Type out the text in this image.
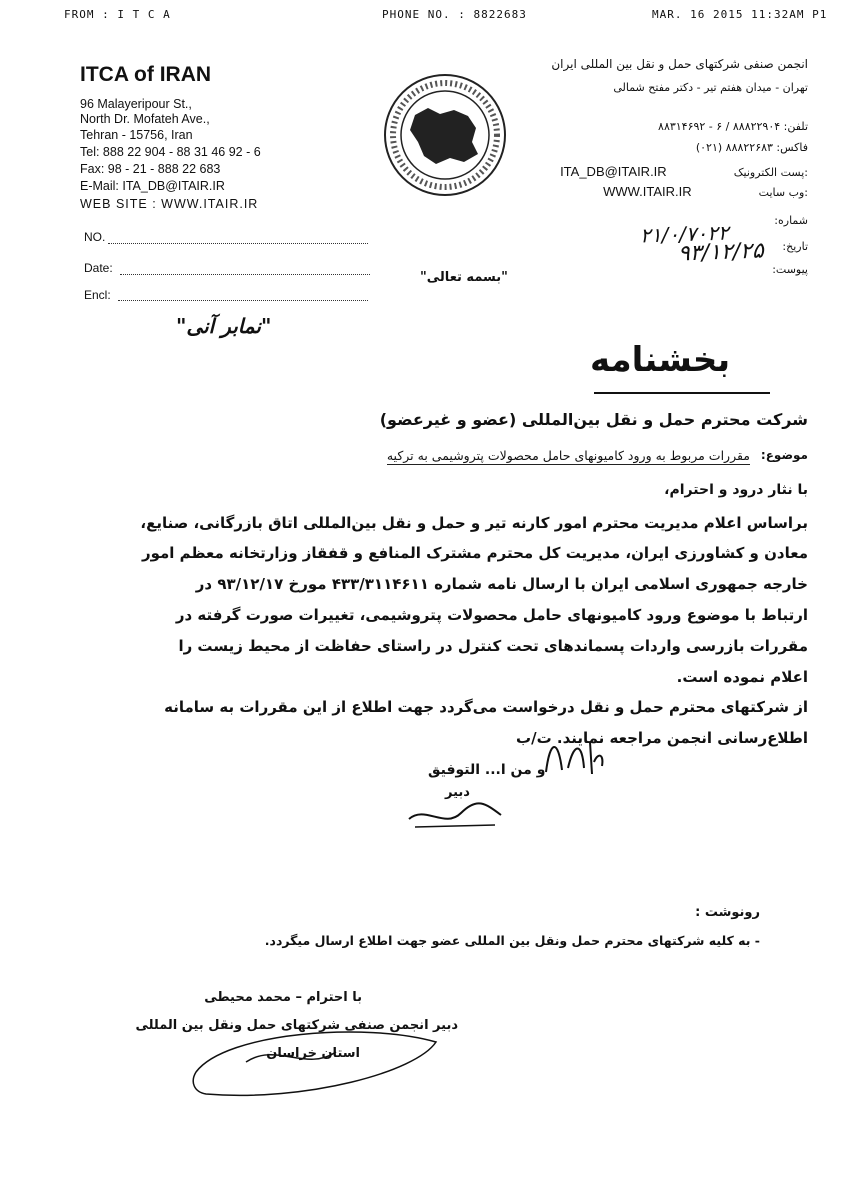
FROM : I T C A	PHONE NO. : 8822683	MAR. 16 2015 11:32AM P1
ITCA of IRAN
96 Malayeripour St.,
North Dr. Mofateh Ave.,
Tehran - 15756, Iran
Tel: 888 22 904 - 88 31 46 92 - 6
Fax: 98 - 21 - 888 22 683
E-Mail: ITA_DB@ITAIR.IR
WEB SITE : WWW.ITAIR.IR
انجمن صنفی شرکتهای حمل و نقل بین المللی ایران
تهران - میدان هفتم تیر - دکتر مفتح شمالی
تلفن: ۸۸۸۲۲۹۰۴ / ۶ - ۸۸۳۱۴۶۹۲
فاکس: ۸۸۸۲۲۶۸۳ (۰۲۱)
ITA_DB@ITAIR.IR	پست الکترونیک:
WWW.ITAIR.IR	وب سایت:
NO.
Date:
Encl:
شماره:
تاریخ:
پیوست:
۲۱/۰/۷۰۲۲
۹۳/۱۲/۲۵
"بسمه تعالی"
"نمابر آنی"
بخشنامه
شرکت محترم حمل و نقل بین‌المللی (عضو و غیرعضو)
موضوع:
مقررات مربوط به ورود کامیونهای حامل محصولات پتروشیمی به ترکیه
با نثار درود و احترام،
براساس اعلام مدیریت محترم امور کارنه تیر و حمل و نقل بین‌المللی اتاق بازرگانی، صنایع،
معادن و کشاورزی ایران، مدیریت کل محترم مشترک المنافع و قفقاز وزارتخانه معظم امور
خارجه جمهوری اسلامی ایران با ارسال نامه شماره ۴۳۳/۳۱۱۴۶۱۱ مورخ ۹۳/۱۲/۱۷ در
ارتباط با موضوع ورود کامیونهای حامل محصولات پتروشیمی، تغییرات صورت گرفته در
مقررات بازرسی واردات پسماندهای تحت کنترل در راستای حفاظت از محیط زیست را
اعلام نموده است.
از شرکتهای محترم حمل و نقل درخواست می‌گردد جهت اطلاع از این مقررات به سامانه
اطلاع‌رسانی انجمن مراجعه نمایند. ت/ب
و من ا... التوفیق
دبیر
رونوشت :
- به کلیه شرکتهای محترم حمل ونقل بین المللی عضو جهت اطلاع ارسال میگردد.
با احترام – محمد محیطی
دبیر انجمن صنفی شرکتهای حمل ونقل بین المللی
استان خراسان
